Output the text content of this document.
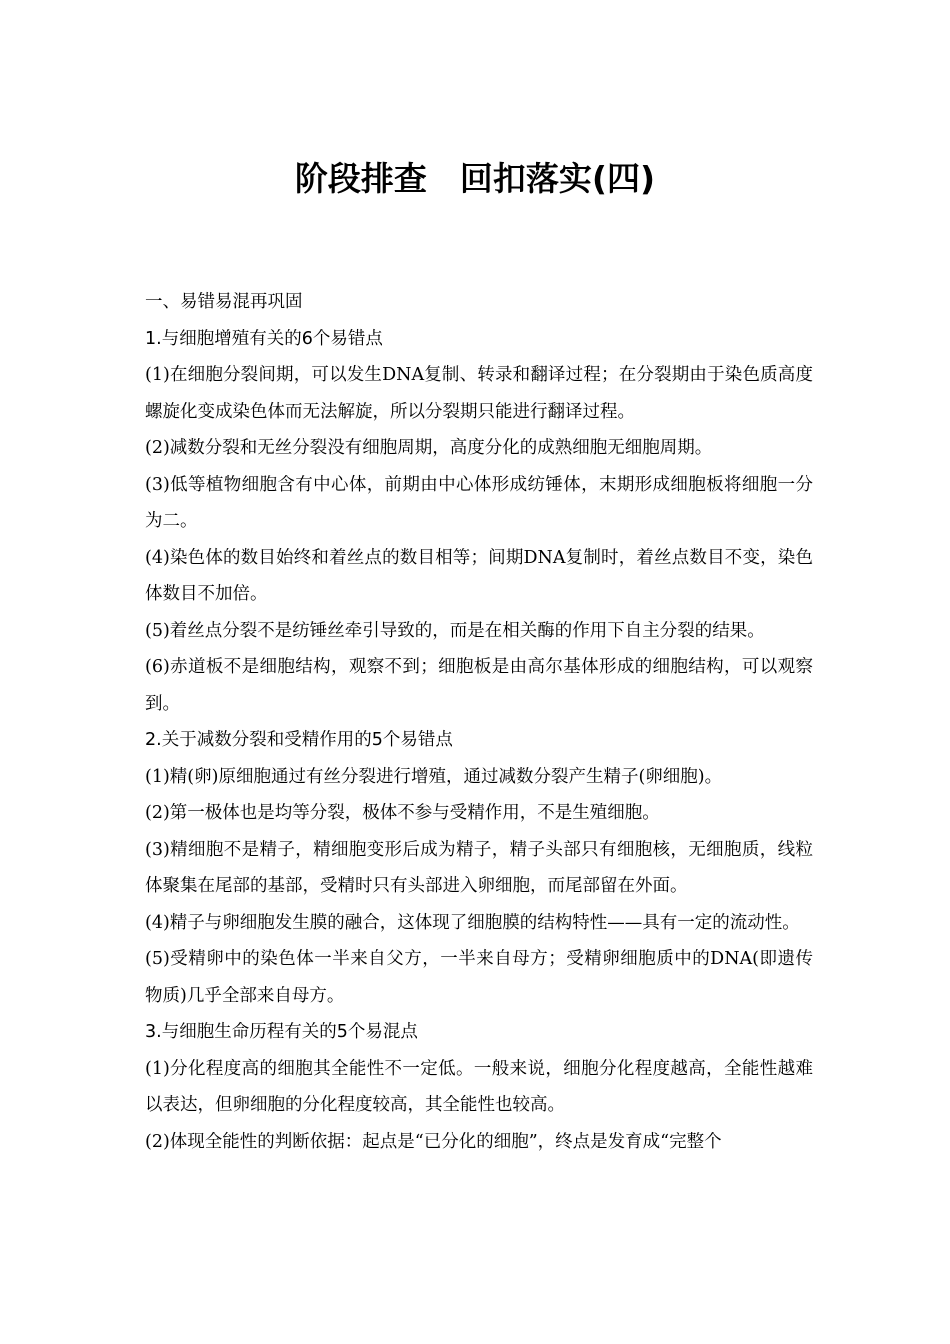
阶段排查　回扣落实(四)

一、易错易混再巩固

1.与细胞增殖有关的6个易错点

(1)在细胞分裂间期，可以发生DNA复制、转录和翻译过程；在分裂期由于染色质高度螺旋化变成染色体而无法解旋，所以分裂期只能进行翻译过程。

(2)减数分裂和无丝分裂没有细胞周期，高度分化的成熟细胞无细胞周期。

(3)低等植物细胞含有中心体，前期由中心体形成纺锤体，末期形成细胞板将细胞一分为二。

(4)染色体的数目始终和着丝点的数目相等；间期DNA复制时，着丝点数目不变，染色体数目不加倍。

(5)着丝点分裂不是纺锤丝牵引导致的，而是在相关酶的作用下自主分裂的结果。

(6)赤道板不是细胞结构，观察不到；细胞板是由高尔基体形成的细胞结构，可以观察到。

2.关于减数分裂和受精作用的5个易错点

(1)精(卵)原细胞通过有丝分裂进行增殖，通过减数分裂产生精子(卵细胞)。

(2)第一极体也是均等分裂，极体不参与受精作用，不是生殖细胞。

(3)精细胞不是精子，精细胞变形后成为精子，精子头部只有细胞核，无细胞质，线粒体聚集在尾部的基部，受精时只有头部进入卵细胞，而尾部留在外面。

(4)精子与卵细胞发生膜的融合，这体现了细胞膜的结构特性——具有一定的流动性。

(5)受精卵中的染色体一半来自父方，一半来自母方；受精卵细胞质中的DNA(即遗传物质)几乎全部来自母方。

3.与细胞生命历程有关的5个易混点

(1)分化程度高的细胞其全能性不一定低。一般来说，细胞分化程度越高，全能性越难以表达，但卵细胞的分化程度较高，其全能性也较高。

(2)体现全能性的判断依据：起点是“已分化的细胞”，终点是发育成“完整个
